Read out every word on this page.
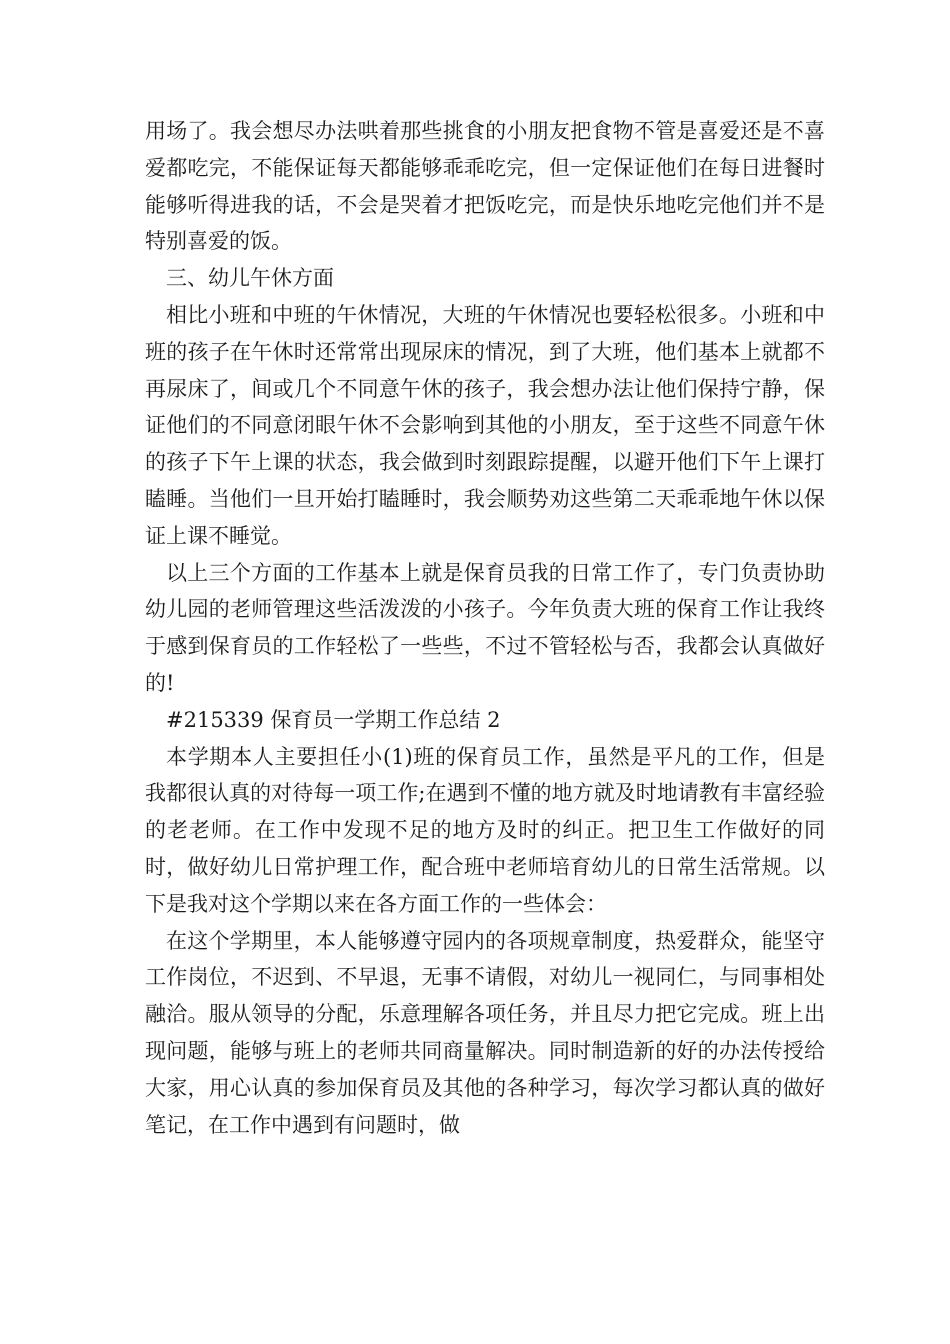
用场了。我会想尽办法哄着那些挑食的小朋友把食物不管是喜爱还是不喜爱都吃完，不能保证每天都能够乖乖吃完，但一定保证他们在每日进餐时能够听得进我的话，不会是哭着才把饭吃完，而是快乐地吃完他们并不是特别喜爱的饭。

三、幼儿午休方面

相比小班和中班的午休情况，大班的午休情况也要轻松很多。小班和中班的孩子在午休时还常常出现尿床的情况，到了大班，他们基本上就都不再尿床了，间或几个不同意午休的孩子，我会想办法让他们保持宁静，保证他们的不同意闭眼午休不会影响到其他的小朋友，至于这些不同意午休的孩子下午上课的状态，我会做到时刻跟踪提醒，以避开他们下午上课打瞌睡。当他们一旦开始打瞌睡时，我会顺势劝这些第二天乖乖地午休以保证上课不睡觉。

以上三个方面的工作基本上就是保育员我的日常工作了，专门负责协助幼儿园的老师管理这些活泼泼的小孩子。今年负责大班的保育工作让我终于感到保育员的工作轻松了一些些，不过不管轻松与否，我都会认真做好的!

#215339 保育员一学期工作总结 2

本学期本人主要担任小(1)班的保育员工作，虽然是平凡的工作，但是我都很认真的对待每一项工作;在遇到不懂的地方就及时地请教有丰富经验的老老师。在工作中发现不足的地方及时的纠正。把卫生工作做好的同时，做好幼儿日常护理工作，配合班中老师培育幼儿的日常生活常规。以下是我对这个学期以来在各方面工作的一些体会：

在这个学期里，本人能够遵守园内的各项规章制度，热爱群众，能坚守工作岗位，不迟到、不早退，无事不请假，对幼儿一视同仁，与同事相处融洽。服从领导的分配，乐意理解各项任务，并且尽力把它完成。班上出现问题，能够与班上的老师共同商量解决。同时制造新的好的办法传授给大家，用心认真的参加保育员及其他的各种学习，每次学习都认真的做好笔记，在工作中遇到有问题时，做
